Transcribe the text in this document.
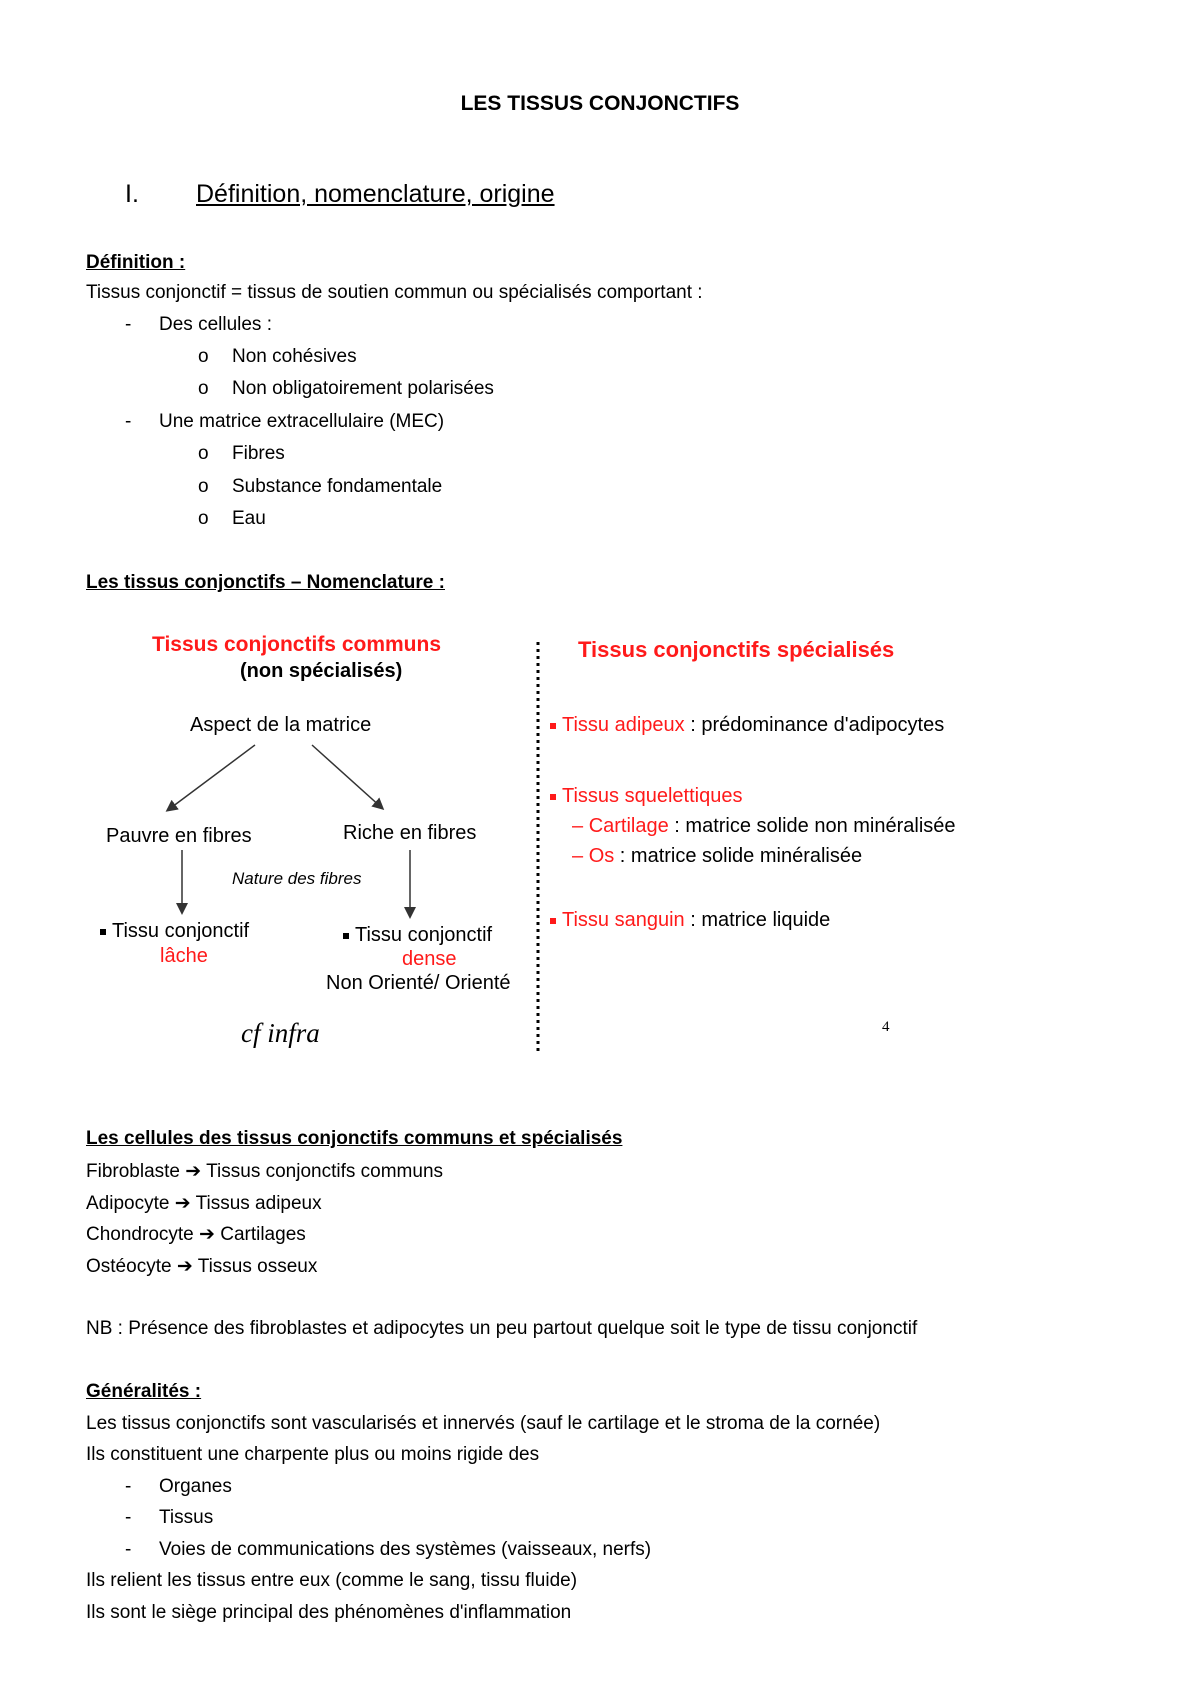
LES TISSUS CONJONCTIFS
I. Définition, nomenclature, origine
Définition :
Tissus conjonctif = tissus de soutien commun ou spécialisés comportant :
- Des cellules :
o Non cohésives
o Non obligatoirement polarisées
- Une matrice extracellulaire (MEC)
o Fibres
o Substance fondamentale
o Eau
Les tissus conjonctifs – Nomenclature :
Tissus conjonctifs communs
(non spécialisés)
Aspect de la matrice
Pauvre en fibres	Riche en fibres
Nature des fibres
Tissu conjonctif
lâche
Tissu conjonctif
dense
Non Orienté/ Orienté
cf infra
Tissus conjonctifs spécialisés
Tissu adipeux : prédominance d'adipocytes
Tissus squelettiques
– Cartilage : matrice solide non minéralisée
– Os : matrice solide minéralisée
Tissu sanguin : matrice liquide
4
Les cellules des tissus conjonctifs communs et spécialisés
Fibroblaste ➔ Tissus conjonctifs communs
Adipocyte ➔ Tissus adipeux
Chondrocyte ➔ Cartilages
Ostéocyte ➔ Tissus osseux
NB : Présence des fibroblastes et adipocytes un peu partout quelque soit le type de tissu conjonctif
Généralités :
Les tissus conjonctifs sont vascularisés et innervés (sauf le cartilage et le stroma de la cornée)
Ils constituent une charpente plus ou moins rigide des
- Organes
- Tissus
- Voies de communications des systèmes (vaisseaux, nerfs)
Ils relient les tissus entre eux (comme le sang, tissu fluide)
Ils sont le siège principal des phénomènes d'inflammation
